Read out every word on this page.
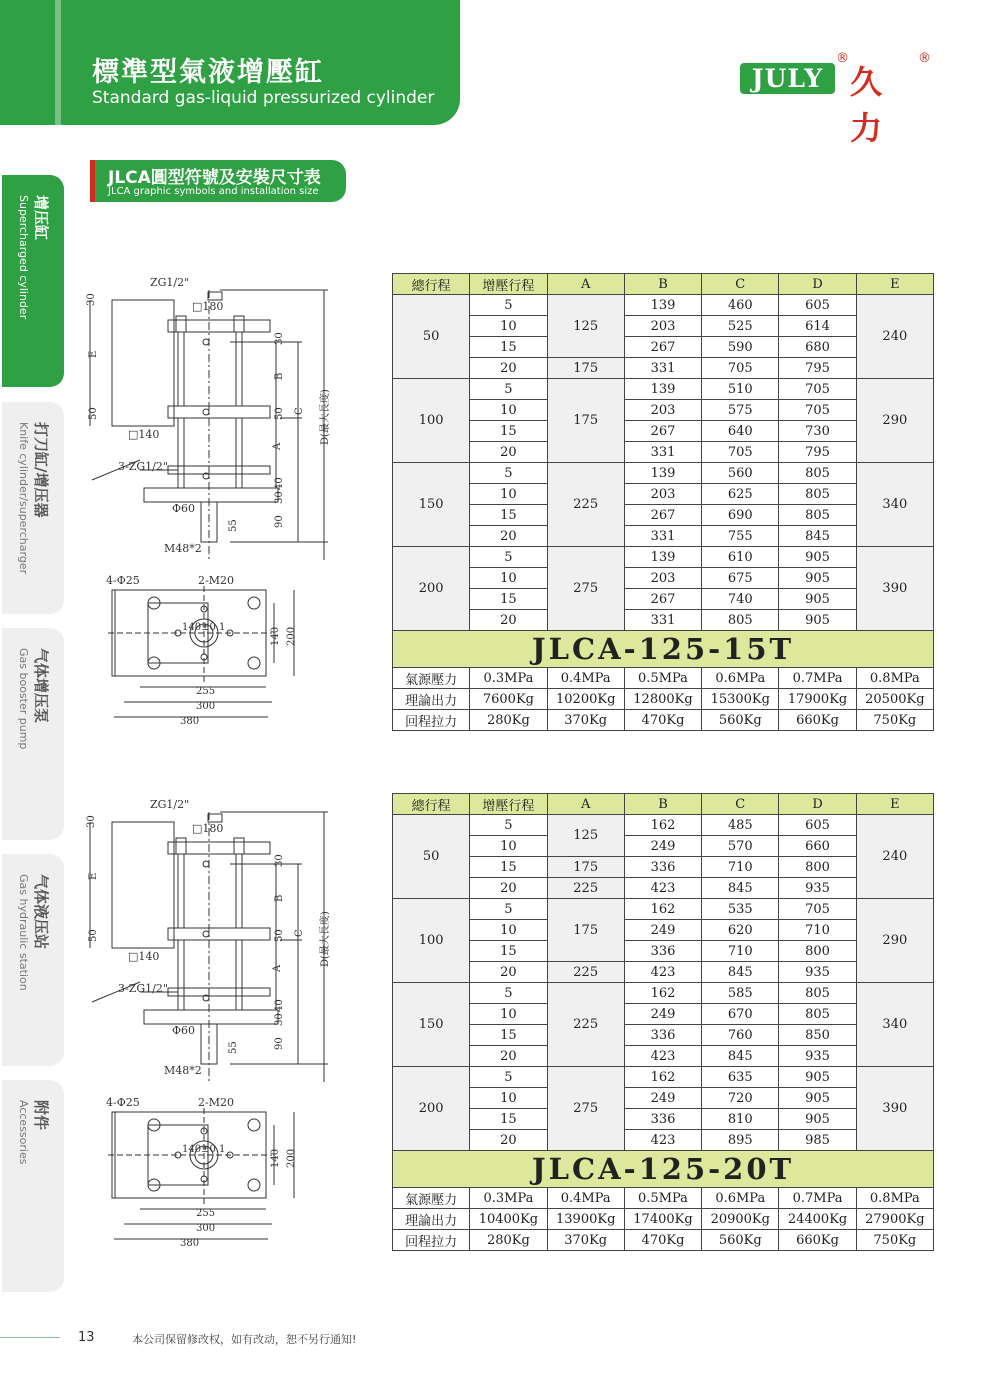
標準型氣液增壓缸
Standard gas-liquid pressurized cylinder
JULY
®
久力
®
JLCA圓型符號及安裝尺寸表
JLCA graphic symbols and installation size
增压缸
Supercharged cylinder
打刀缸/增压器
Knife cylinder/supercharger
气体增压泵
Gas booster pump
气体液压站
Gas hydraulic station
附件
Accessories
ZG1/2"
□180
□140
3-ZG1/2"
Φ60
M48*2
30
E
50
A
B
C D(最大長度)
30
50
40
30
55	90
4-Φ25	2-M20
140±0.1	140 200
255
300
380
ZG1/2"
□180
□140
3-ZG1/2"
Φ60
M48*2
30
E
50
A
B
C D(最大長度)
30
50
40
30
55	90
4-Φ25	2-M20
140±0.1	140 200
255
300
380
總行程	增壓行程	A	B	C	D	E
50	5	125	139	460	605	240
	10		203	525	614	
	15		267	590	680	
	20	175	331	705	795	
100	5	175	139	510	705	290
	10		203	575	705	
	15		267	640	730	
	20		331	705	795	
150	5	225	139	560	805	340
	10		203	625	805	
	15		267	690	805	
	20		331	755	845	
200	5	275	139	610	905	390
	10		203	675	905	
	15		267	740	905	
	20		331	805	905	
JLCA-125-15T						
氣源壓力	0.3MPa	0.4MPa	0.5MPa	0.6MPa	0.7MPa	0.8MPa
理論出力	7600Kg	10200Kg	12800Kg	15300Kg	17900Kg	20500Kg
回程拉力	280Kg	370Kg	470Kg	560Kg	660Kg	750Kg
總行程	增壓行程	A	B	C	D	E
50	5	125	162	485	605	240
	10		249	570	660	
	15	175	336	710	800	
	20	225	423	845	935	
100	5	175	162	535	705	290
	10		249	620	710	
	15		336	710	800	
	20	225	423	845	935	
150	5	225	162	585	805	340
	10		249	670	805	
	15		336	760	850	
	20		423	845	935	
200	5	275	162	635	905	390
	10		249	720	905	
	15		336	810	905	
	20		423	895	985	
JLCA-125-20T						
氣源壓力	0.3MPa	0.4MPa	0.5MPa	0.6MPa	0.7MPa	0.8MPa
理論出力	10400Kg	13900Kg	17400Kg	20900Kg	24400Kg	27900Kg
回程拉力	280Kg	370Kg	470Kg	560Kg	660Kg	750Kg
13	本公司保留修改权，如有改动，恕不另行通知!
